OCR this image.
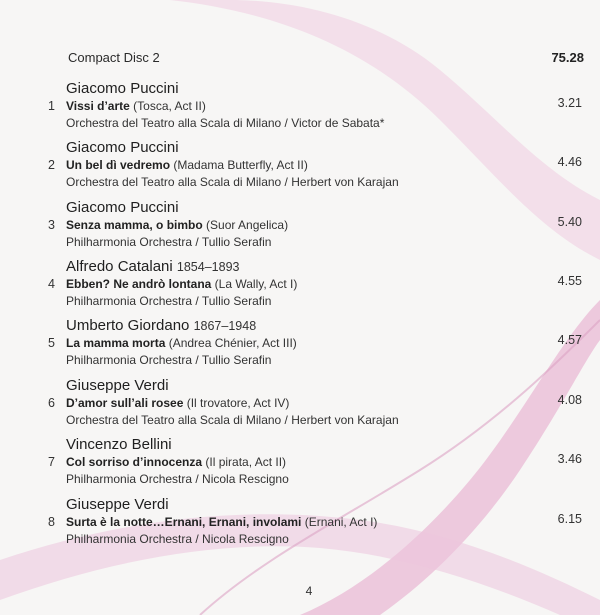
Compact Disc 2	75.28
Giacomo Puccini
1 Vissi d’arte (Tosca, Act II)	3.21
Orchestra del Teatro alla Scala di Milano / Victor de Sabata*
Giacomo Puccini
2 Un bel dì vedremo (Madama Butterfly, Act II)	4.46
Orchestra del Teatro alla Scala di Milano / Herbert von Karajan
Giacomo Puccini
3 Senza mamma, o bimbo (Suor Angelica)	5.40
Philharmonia Orchestra / Tullio Serafin
Alfredo Catalani 1854–1893
4 Ebben? Ne andrò lontana (La Wally, Act I)	4.55
Philharmonia Orchestra / Tullio Serafin
Umberto Giordano 1867–1948
5 La mamma morta (Andrea Chénier, Act III)	4.57
Philharmonia Orchestra / Tullio Serafin
Giuseppe Verdi
6 D’amor sull’ali rosee (Il trovatore, Act IV)	4.08
Orchestra del Teatro alla Scala di Milano / Herbert von Karajan
Vincenzo Bellini
7 Col sorriso d’innocenza (Il pirata, Act II)	3.46
Philharmonia Orchestra / Nicola Rescigno
Giuseppe Verdi
8 Surta è la notte…Ernani, Ernani, involami (Ernani, Act I)	6.15
Philharmonia Orchestra / Nicola Rescigno
4
